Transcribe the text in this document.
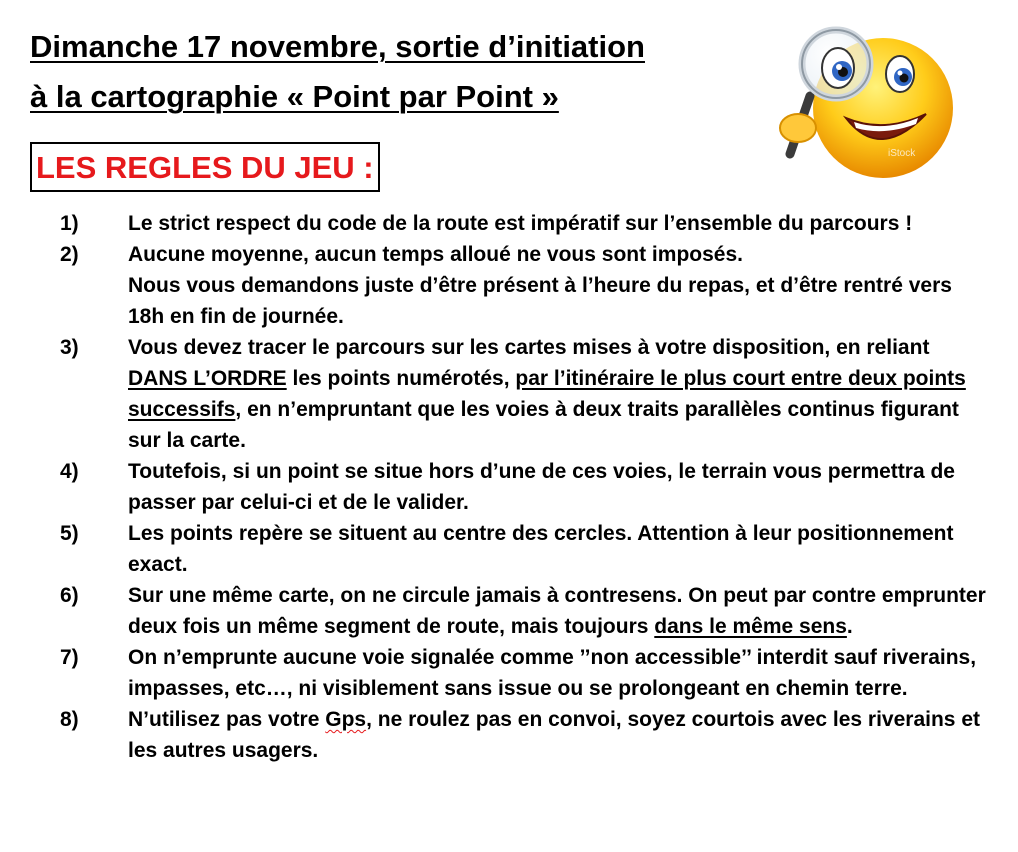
Dimanche 17 novembre, sortie d’initiation
à la cartographie « Point par Point »
iStock
LES REGLES DU JEU :
1)	Le strict respect du code de la route est impératif sur l’ensemble du parcours !
2)	Aucune moyenne, aucun temps alloué ne vous sont imposés.
Nous vous demandons juste d’être présent à l’heure du repas, et d’être rentré vers 18h en fin de journée.
3)	Vous devez tracer le parcours sur les cartes mises à votre disposition, en reliant DANS L’ORDRE les points numérotés, par l’itinéraire le plus court entre deux points successifs, en n’empruntant que les voies à deux traits parallèles continus figurant sur la carte.
4)	Toutefois, si un point se situe hors d’une de ces voies, le terrain vous permettra de passer par celui-ci et de le valider.
5)	Les points repère se situent au centre des cercles. Attention à leur positionnement exact.
6)	Sur une même carte, on ne circule jamais à contresens. On peut par contre emprunter deux fois un même segment de route, mais toujours dans le même sens.
7)	On n’emprunte aucune voie signalée comme ’’non accessible’’ interdit sauf riverains, impasses, etc…, ni visiblement sans issue ou se prolongeant en chemin terre.
8)	N’utilisez pas votre Gps, ne roulez pas en convoi, soyez courtois avec les riverains et les autres usagers.
